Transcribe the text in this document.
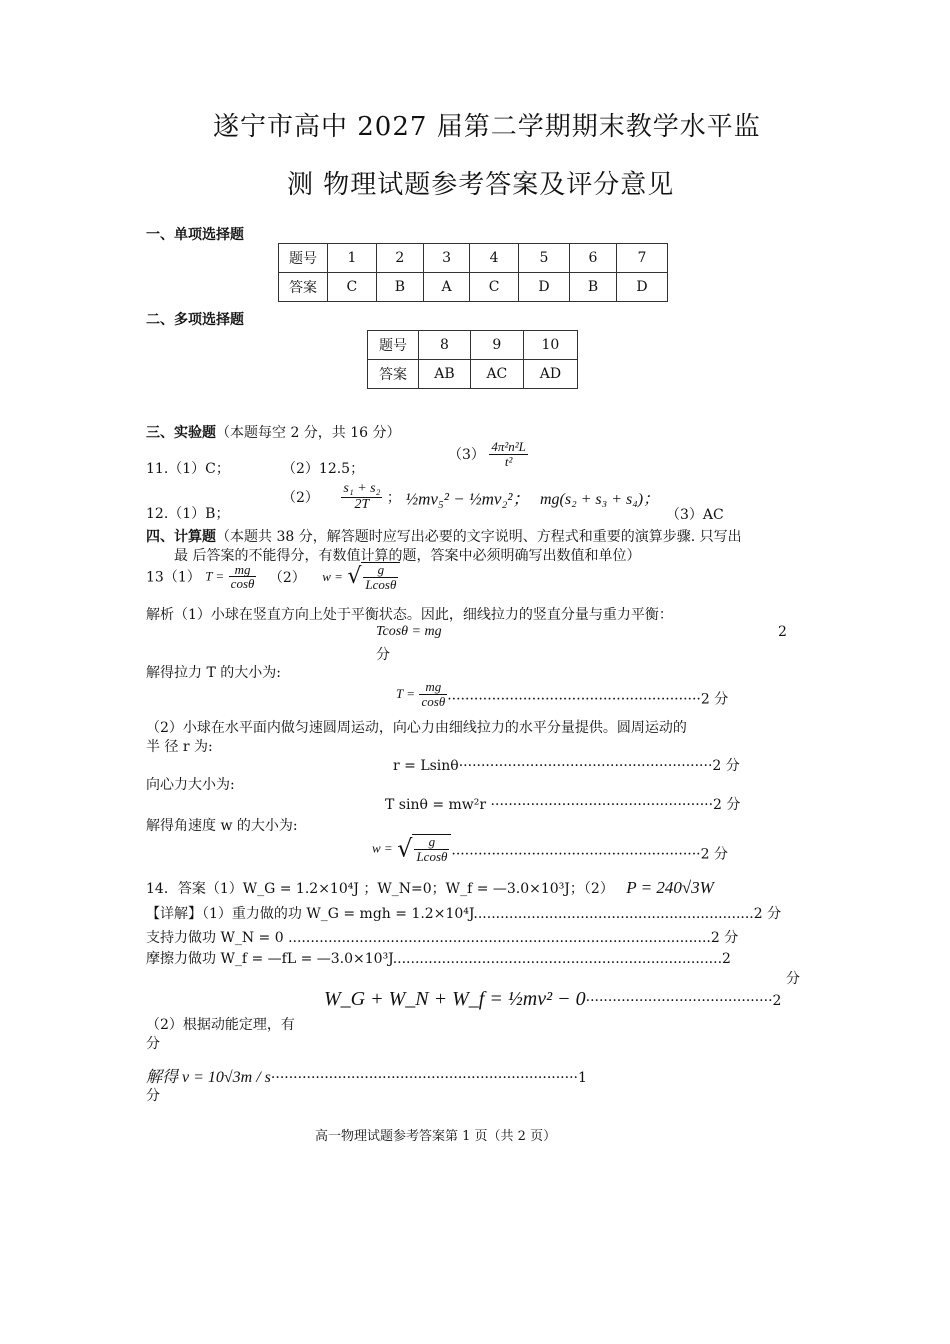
遂宁市高中 2027 届第二学期期末教学水平监
测 物理试题参考答案及评分意见
一、单项选择题
题号	1	2	3	4	5	6	7
答案	C	B	A	C	D	B	D
二、多项选择题
题号	8	9	10
答案	AB	AC	AD
三、实验题（本题每空 2 分，共 16 分）
11.（1）C；	（2）12.5；
$(3) \frac{\text{4π²n²L}}{\text{t²}}$
12.（1）B；
$(2) \frac{\text{s₁ + s₂}}{2T}$ ； ½mv₅² − ½mv₂²； mg(s₂ + s₃ + s₄)；
（3）AC
四、计算题（本题共 38 分，解答题时应写出必要的文字说明、方程式和重要的演算步骤. 只写出
最 后答案的不能得分，有数值计算的题，答案中必须明确写出数值和单位）
13（1） $T = \frac{mg}{\cos\theta} (2) w$ = √ $\frac{g}{Lcos\theta}$
解析（1）小球在竖直方向上处于平衡状态。因此，细线拉力的竖直分量与重力平衡：
Tcosθ = mg	2
分
解得拉力 T 的大小为:
$T = \frac{mg}{\cos\theta} \cdot\cdot\cdot\cdot\cdot\cdot\cdot\cdot\cdot\cdot\cdot\cdot\cdot\cdot\cdot\cdot\cdot\cdot\cdot\cdot\cdot\cdot\cdot\cdot\cdot\cdot\cdot\cdot\cdot\cdot\cdot\cdot\cdot\cdot\cdot\cdot\cdot\cdot\cdot\cdot\cdot\cdot\cdot\cdot\cdot\cdot\cdot\cdot\cdot\cdot\cdot\cdot\cdot\cdot\cdot\cdot\cdot 2$ 分
（2）小球在水平面内做匀速圆周运动，向心力由细线拉力的水平分量提供。圆周运动的
半 径 r 为:
r = Lsinθ·························································2 分
向心力大小为:
T sinθ = mw²r ··················································2 分
解得角速度 w 的大小为:
w = √ $\frac{g}{Lcos\theta} \cdot\cdot\cdot\cdot\cdot\cdot\cdot\cdot\cdot\cdot\cdot\cdot\cdot\cdot\cdot\cdot\cdot\cdot\cdot\cdot\cdot\cdot\cdot\cdot\cdot\cdot\cdot\cdot\cdot\cdot\cdot\cdot\cdot\cdot\cdot\cdot\cdot\cdot\cdot\cdot\cdot\cdot\cdot\cdot\cdot\cdot\cdot\cdot\cdot\cdot\cdot\cdot\cdot\cdot\cdot\cdot 2$ 分
14．答案（1）W_G = 1.2×10⁴J ；W_N=0；W_f = —3.0×10³J；（2） P = 240√3W
【详解】（1）重力做的功 W_G = mgh = 1.2×10⁴J...............................................................2 分
支持力做功 W_N = 0 ...............................................................................................2 分
摩擦力做功 W_f = —fL = —3.0×10³J..........................................................................2
分
W_G + W_N + W_f = ½mv² − 0··········································2
（2）根据动能定理，有
分
解得 v = 10√3m / s·····································································1
分
高一物理试题参考答案第 1 页（共 2 页）
